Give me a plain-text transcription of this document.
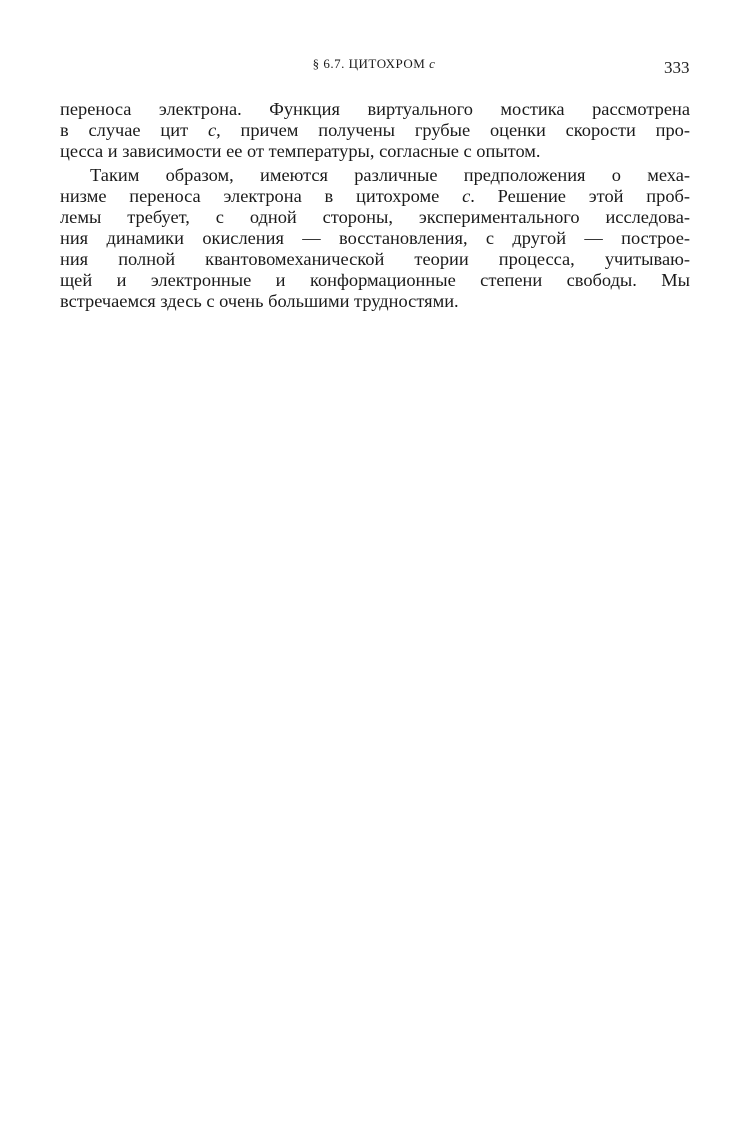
§ 6.7. ЦИТОХРОМ c	333
переноса электрона. Функция виртуального мостика рассмотрена
в случае цит c, причем получены грубые оценки скорости про-
цесса и зависимости ее от температуры, согласные с опытом.
Таким образом, имеются различные предположения о меха-
низме переноса электрона в цитохроме c. Решение этой проб-
лемы требует, с одной стороны, экспериментального исследова-
ния динамики окисления — восстановления, с другой — построе-
ния полной квантовомеханической теории процесса, учитываю-
щей и электронные и конформационные степени свободы. Мы
встречаемся здесь с очень большими трудностями.
